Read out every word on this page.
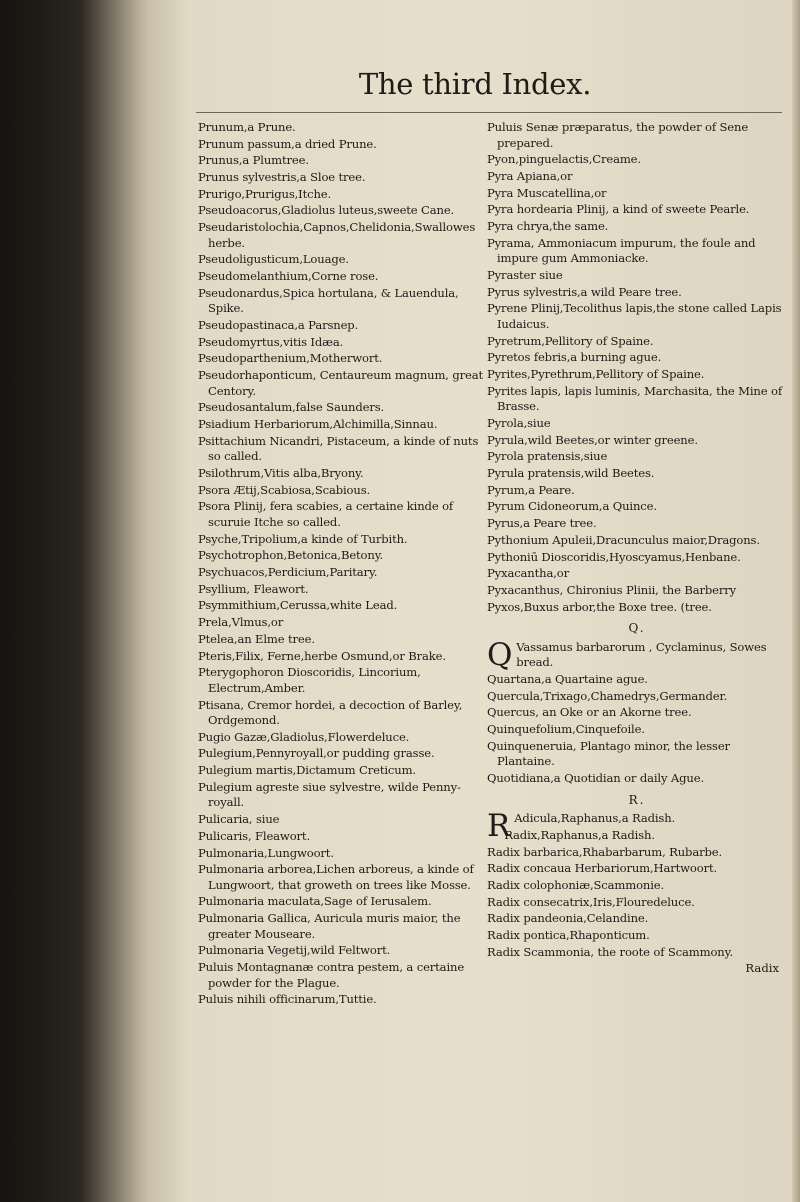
The third Index.
Prunum,a Prune.
Prunum passum,a dried Prune.
Prunus,a Plumtree.
Prunus sylvestris,a Sloe tree.
Prurigo,Prurigus,Itche.
Pseudoacorus,Gladiolus luteus,sweete Cane.
Pseudaristolochia,Capnos,Chelidonia,Swallowes herbe.
Pseudoligusticum,Louage.
Pseudomelanthium,Corne rose.
Pseudonardus,Spica hortulana, & Lauendula, Spike.
Pseudopastinaca,a Parsnep.
Pseudomyrtus,vitis Idæa.
Pseudoparthenium,Motherwort.
Pseudorhaponticum, Centaureum magnum, great Centory.
Pseudosantalum,false Saunders.
Psiadium Herbariorum,Alchimilla,Sinnau.
Psittachium Nicandri, Pistaceum, a kinde of nuts so called.
Psilothrum,Vitis alba,Bryony.
Psora Ætij,Scabiosa,Scabious.
Psora Plinij, fera scabies, a certaine kinde of scuruie Itche so called.
Psyche,Tripolium,a kinde of Turbith.
Psychotrophon,Betonica,Betony.
Psychuacos,Perdicium,Paritary.
Psyllium, Fleawort.
Psymmithium,Cerussa,white Lead.
Prela,Vlmus,or
Ptelea,an Elme tree.
Pteris,Filix, Ferne,herbe Osmund,or Brake.
Pterygophoron Dioscoridis, Lincorium, Electrum,Amber.
Ptisana, Cremor hordei, a decoction of Barley, Ordgemond.
Pugio Gazæ,Gladiolus,Flowerdeluce.
Pulegium,Pennyroyall,or pudding grasse.
Pulegium martis,Dictamum Creticum.
Pulegium agreste siue sylvestre, wilde Penny-royall.
Pulicaria, siue
Pulicaris, Fleawort.
Pulmonaria,Lungwoort.
Pulmonaria arborea,Lichen arboreus, a kinde of Lungwoort, that groweth on trees like Mosse.
Pulmonaria maculata,Sage of Ierusalem.
Pulmonaria Gallica, Auricula muris maior, the greater Mouseare.
Pulmonaria Vegetij,wild Feltwort.
Puluis Montagnanæ contra pestem, a certaine powder for the Plague.
Puluis nihili officinarum,Tuttie.
Puluis Senæ præparatus, the powder of Sene prepared.
Pyon,pinguelactis,Creame.
Pyra Apiana,or
Pyra Muscatellina,or
Pyra hordearia Plinij, a kind of sweete Pearle.
Pyra chrya,the same.
Pyrama, Ammoniacum impurum, the foule and impure gum Ammoniacke.
Pyraster siue
Pyrus sylvestris,a wild Peare tree.
Pyrene Plinij,Tecolithus lapis,the stone called Lapis Iudaicus.
Pyretrum,Pellitory of Spaine.
Pyretos febris,a burning ague.
Pyrites,Pyrethrum,Pellitory of Spaine.
Pyrites lapis, lapis luminis, Marchasita, the Mine of Brasse.
Pyrola,siue
Pyrula,wild Beetes,or winter greene.
Pyrola pratensis,siue
Pyrula pratensis,wild Beetes.
Pyrum,a Peare.
Pyrum Cidoneorum,a Quince.
Pyrus,a Peare tree.
Pythonium Apuleii,Dracunculus maior,Dragons.
Pythoniū Dioscoridis,Hyoscyamus,Henbane.
Pyxacantha,or
Pyxacanthus, Chironius Plinii, the Barberry
Pyxos,Buxus arbor,the Boxe tree. (tree.
Q.
Q Vassamus barbarorum , Cyclaminus, Sowes bread.
Quartana,a Quartaine ague.
Quercula,Trixago,Chamedrys,Germander.
Quercus, an Oke or an Akorne tree.
Quinquefolium,Cinquefoile.
Quinqueneruia, Plantago minor, the lesser Plantaine.
Quotidiana,a Quotidian or daily Ague.
R.
R Adicula,Raphanus,a Radish.
Radix,Raphanus,a Radish.
Radix barbarica,Rhabarbarum, Rubarbe.
Radix concaua Herbariorum,Hartwoort.
Radix colophoniæ,Scammonie.
Radix consecatrix,Iris,Flouredeluce.
Radix pandeonia,Celandine.
Radix pontica,Rhaponticum.
Radix Scammonia, the roote of Scammony.
Radix
